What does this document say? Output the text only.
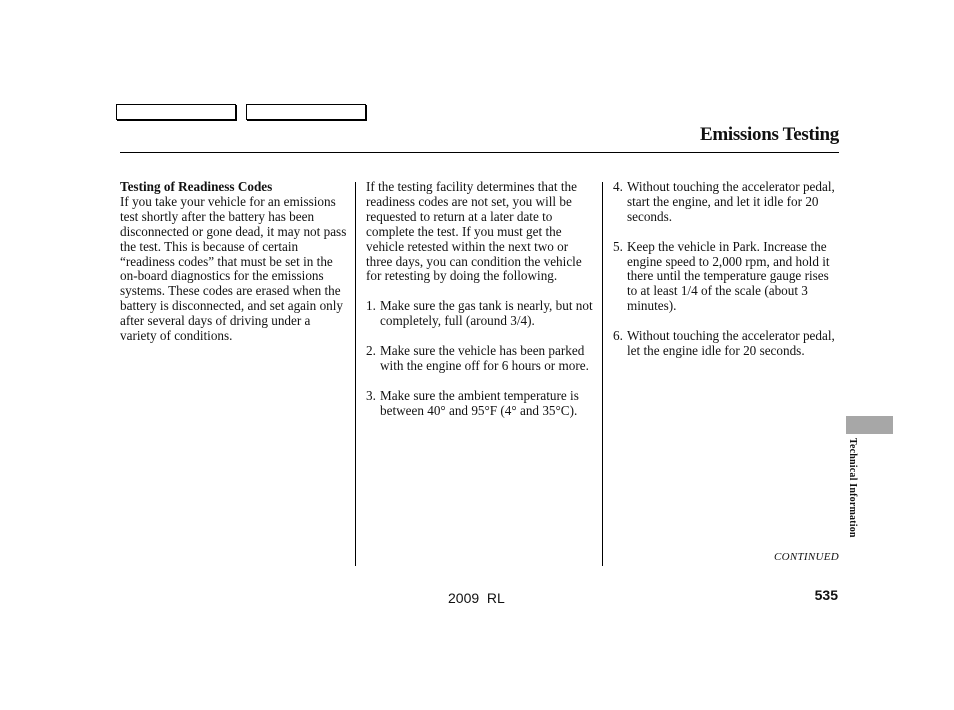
Emissions Testing
Testing of Readiness Codes

If you take your vehicle for an emissions test shortly after the battery has been disconnected or gone dead, it may not pass the test. This is because of certain “readiness codes” that must be set in the on-board diagnostics for the emissions systems. These codes are erased when the battery is disconnected, and set again only after several days of driving under a variety of conditions.

If the testing facility determines that the readiness codes are not set, you will be requested to return at a later date to complete the test. If you must get the vehicle retested within the next two or three days, you can condition the vehicle for retesting by doing the following.

1. Make sure the gas tank is nearly, but not completely, full (around 3/4).
2. Make sure the vehicle has been parked with the engine off for 6 hours or more.
3. Make sure the ambient temperature is between 40° and 95°F (4° and 35°C).
4. Without touching the accelerator pedal, start the engine, and let it idle for 20 seconds.
5. Keep the vehicle in Park. Increase the engine speed to 2,000 rpm, and hold it there until the temperature gauge rises to at least 1/4 of the scale (about 3 minutes).
6. Without touching the accelerator pedal, let the engine idle for 20 seconds.
Technical Information
CONTINUED
2009  RL	535
